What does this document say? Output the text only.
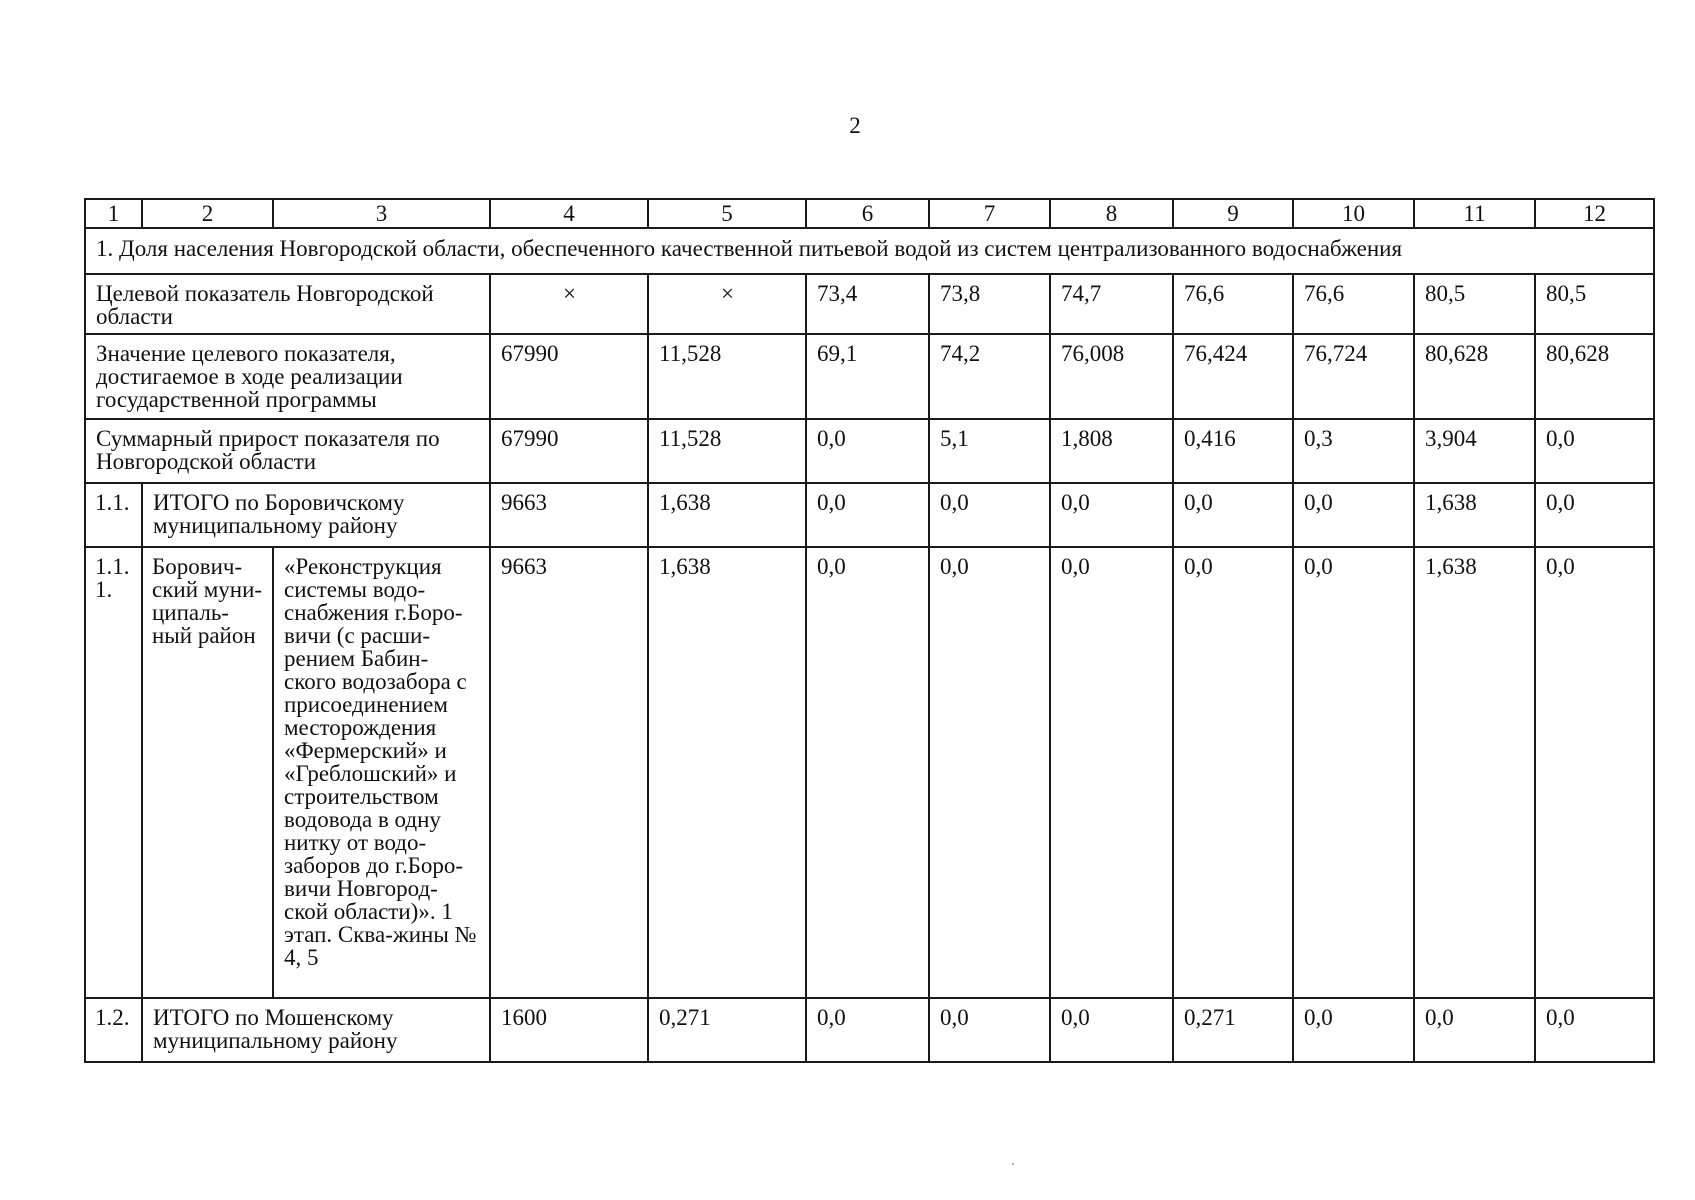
2
1	2	3	4	5	6	7	8	9	10	11	12
1. Доля населения Новгородской области, обеспеченного качественной питьевой водой из систем централизованного водоснабжения											
Целевой показатель Новгородской области			×	×	73,4	73,8	74,7	76,6	76,6	80,5	80,5
Значение целевого показателя, достигаемое в ходе реализации государственной программы			67990	11,528	69,1	74,2	76,008	76,424	76,724	80,628	80,628
Суммарный прирост показателя по Новгородской области			67990	11,528	0,0	5,1	1,808	0,416	0,3	3,904	0,0
1.1.	ИТОГО по Боровичскому муниципальному району		9663	1,638	0,0	0,0	0,0	0,0	0,0	1,638	0,0
1.1.1.	Борович-ский муни-ципаль-ный район	«Реконструкция системы водо-снабжения г.Боро-вичи (с расши-рением Бабин-ского водозабора с присоединением месторождения «Фермерский» и «Греблошский» и строительством водовода в одну нитку от водо-заборов до г.Боро-вичи Новгород-ской области)». 1 этап. Сква-жины № 4, 5	9663	1,638	0,0	0,0	0,0	0,0	0,0	1,638	0,0
1.2.	ИТОГО по Мошенскому муниципальному району		1600	0,271	0,0	0,0	0,0	0,271	0,0	0,0	0,0
